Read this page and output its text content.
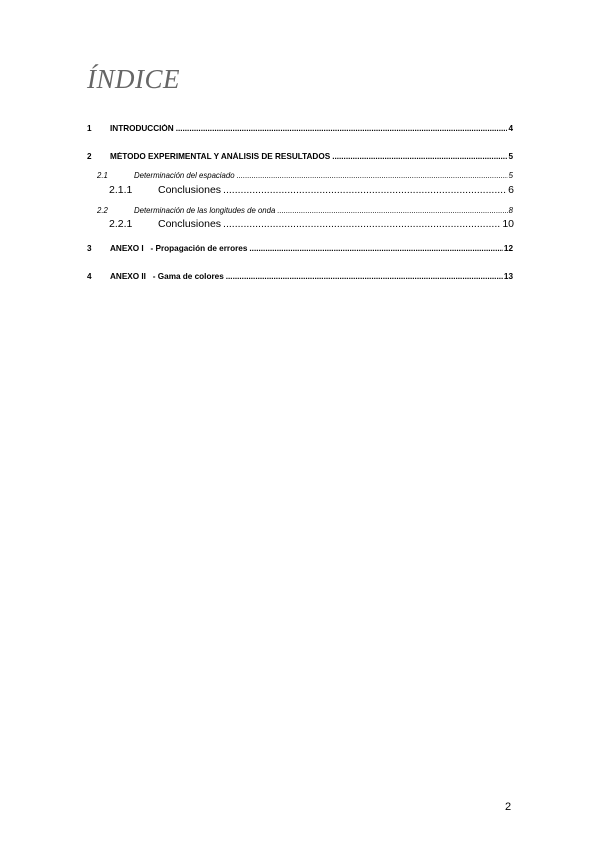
ÍNDICE
1	INTRODUCCIÓN .....	4
2	MÉTODO EXPERIMENTAL Y ANÁLISIS DE RESULTADOS .....	5
2.1	Determinación del espaciado .....	5
2.1.1	Conclusiones .....	6
2.2	Determinación de las longitudes de onda .....	8
2.2.1	Conclusiones .....	10
3	ANEXO I   - Propagación de errores .....	12
4	ANEXO II   - Gama de colores .....	13
2
